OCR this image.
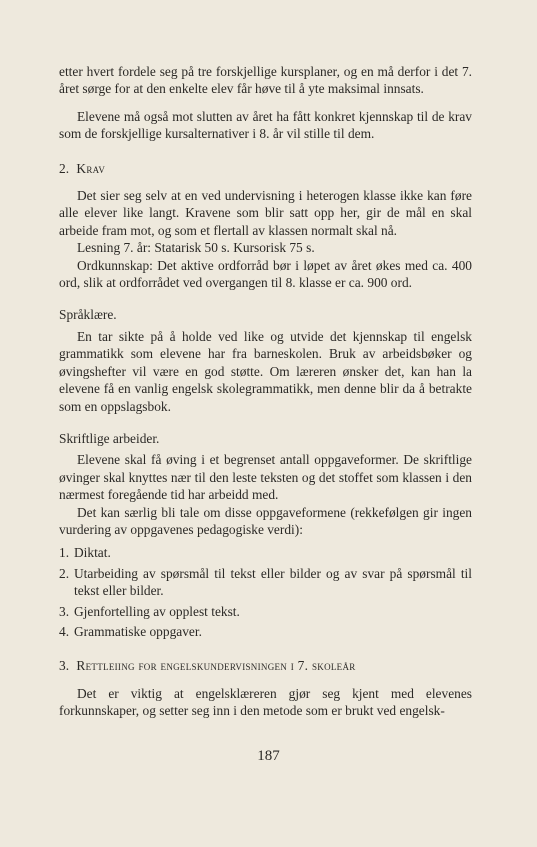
etter hvert fordele seg på tre forskjellige kursplaner, og en må derfor i det 7. året sørge for at den enkelte elev får høve til å yte maksimal innsats.

Elevene må også mot slutten av året ha fått konkret kjennskap til de krav som de forskjellige kursalternativer i 8. år vil stille til dem.

2. Krav

Det sier seg selv at en ved undervisning i heterogen klasse ikke kan føre alle elever like langt. Kravene som blir satt opp her, gir de mål en skal arbeide fram mot, og som et flertall av klassen normalt skal nå.

Lesning 7. år: Statarisk 50 s. Kursorisk 75 s.

Ordkunnskap: Det aktive ordforråd bør i løpet av året økes med ca. 400 ord, slik at ordforrådet ved overgangen til 8. klasse er ca. 900 ord.

Språklære.

En tar sikte på å holde ved like og utvide det kjennskap til engelsk grammatikk som elevene har fra barneskolen. Bruk av arbeidsbøker og øvingshefter vil være en god støtte. Om læreren ønsker det, kan han la elevene få en vanlig engelsk skolegrammatikk, men denne blir da å betrakte som en oppslagsbok.

Skriftlige arbeider.

Elevene skal få øving i et begrenset antall oppgaveformer. De skriftlige øvinger skal knyttes nær til den leste teksten og det stoffet som klassen i den nærmest foregående tid har arbeidd med.

Det kan særlig bli tale om disse oppgaveformene (rekkefølgen gir ingen vurdering av oppgavenes pedagogiske verdi):

1. Diktat.
2. Utarbeiding av spørsmål til tekst eller bilder og av svar på spørsmål til tekst eller bilder.
3. Gjenfortelling av opplest tekst.
4. Grammatiske oppgaver.
3. Rettleiing for engelskundervisningen i 7. skoleår

Det er viktig at engelsklæreren gjør seg kjent med elevenes forkunnskaper, og setter seg inn i den metode som er brukt ved engelsk-

187
